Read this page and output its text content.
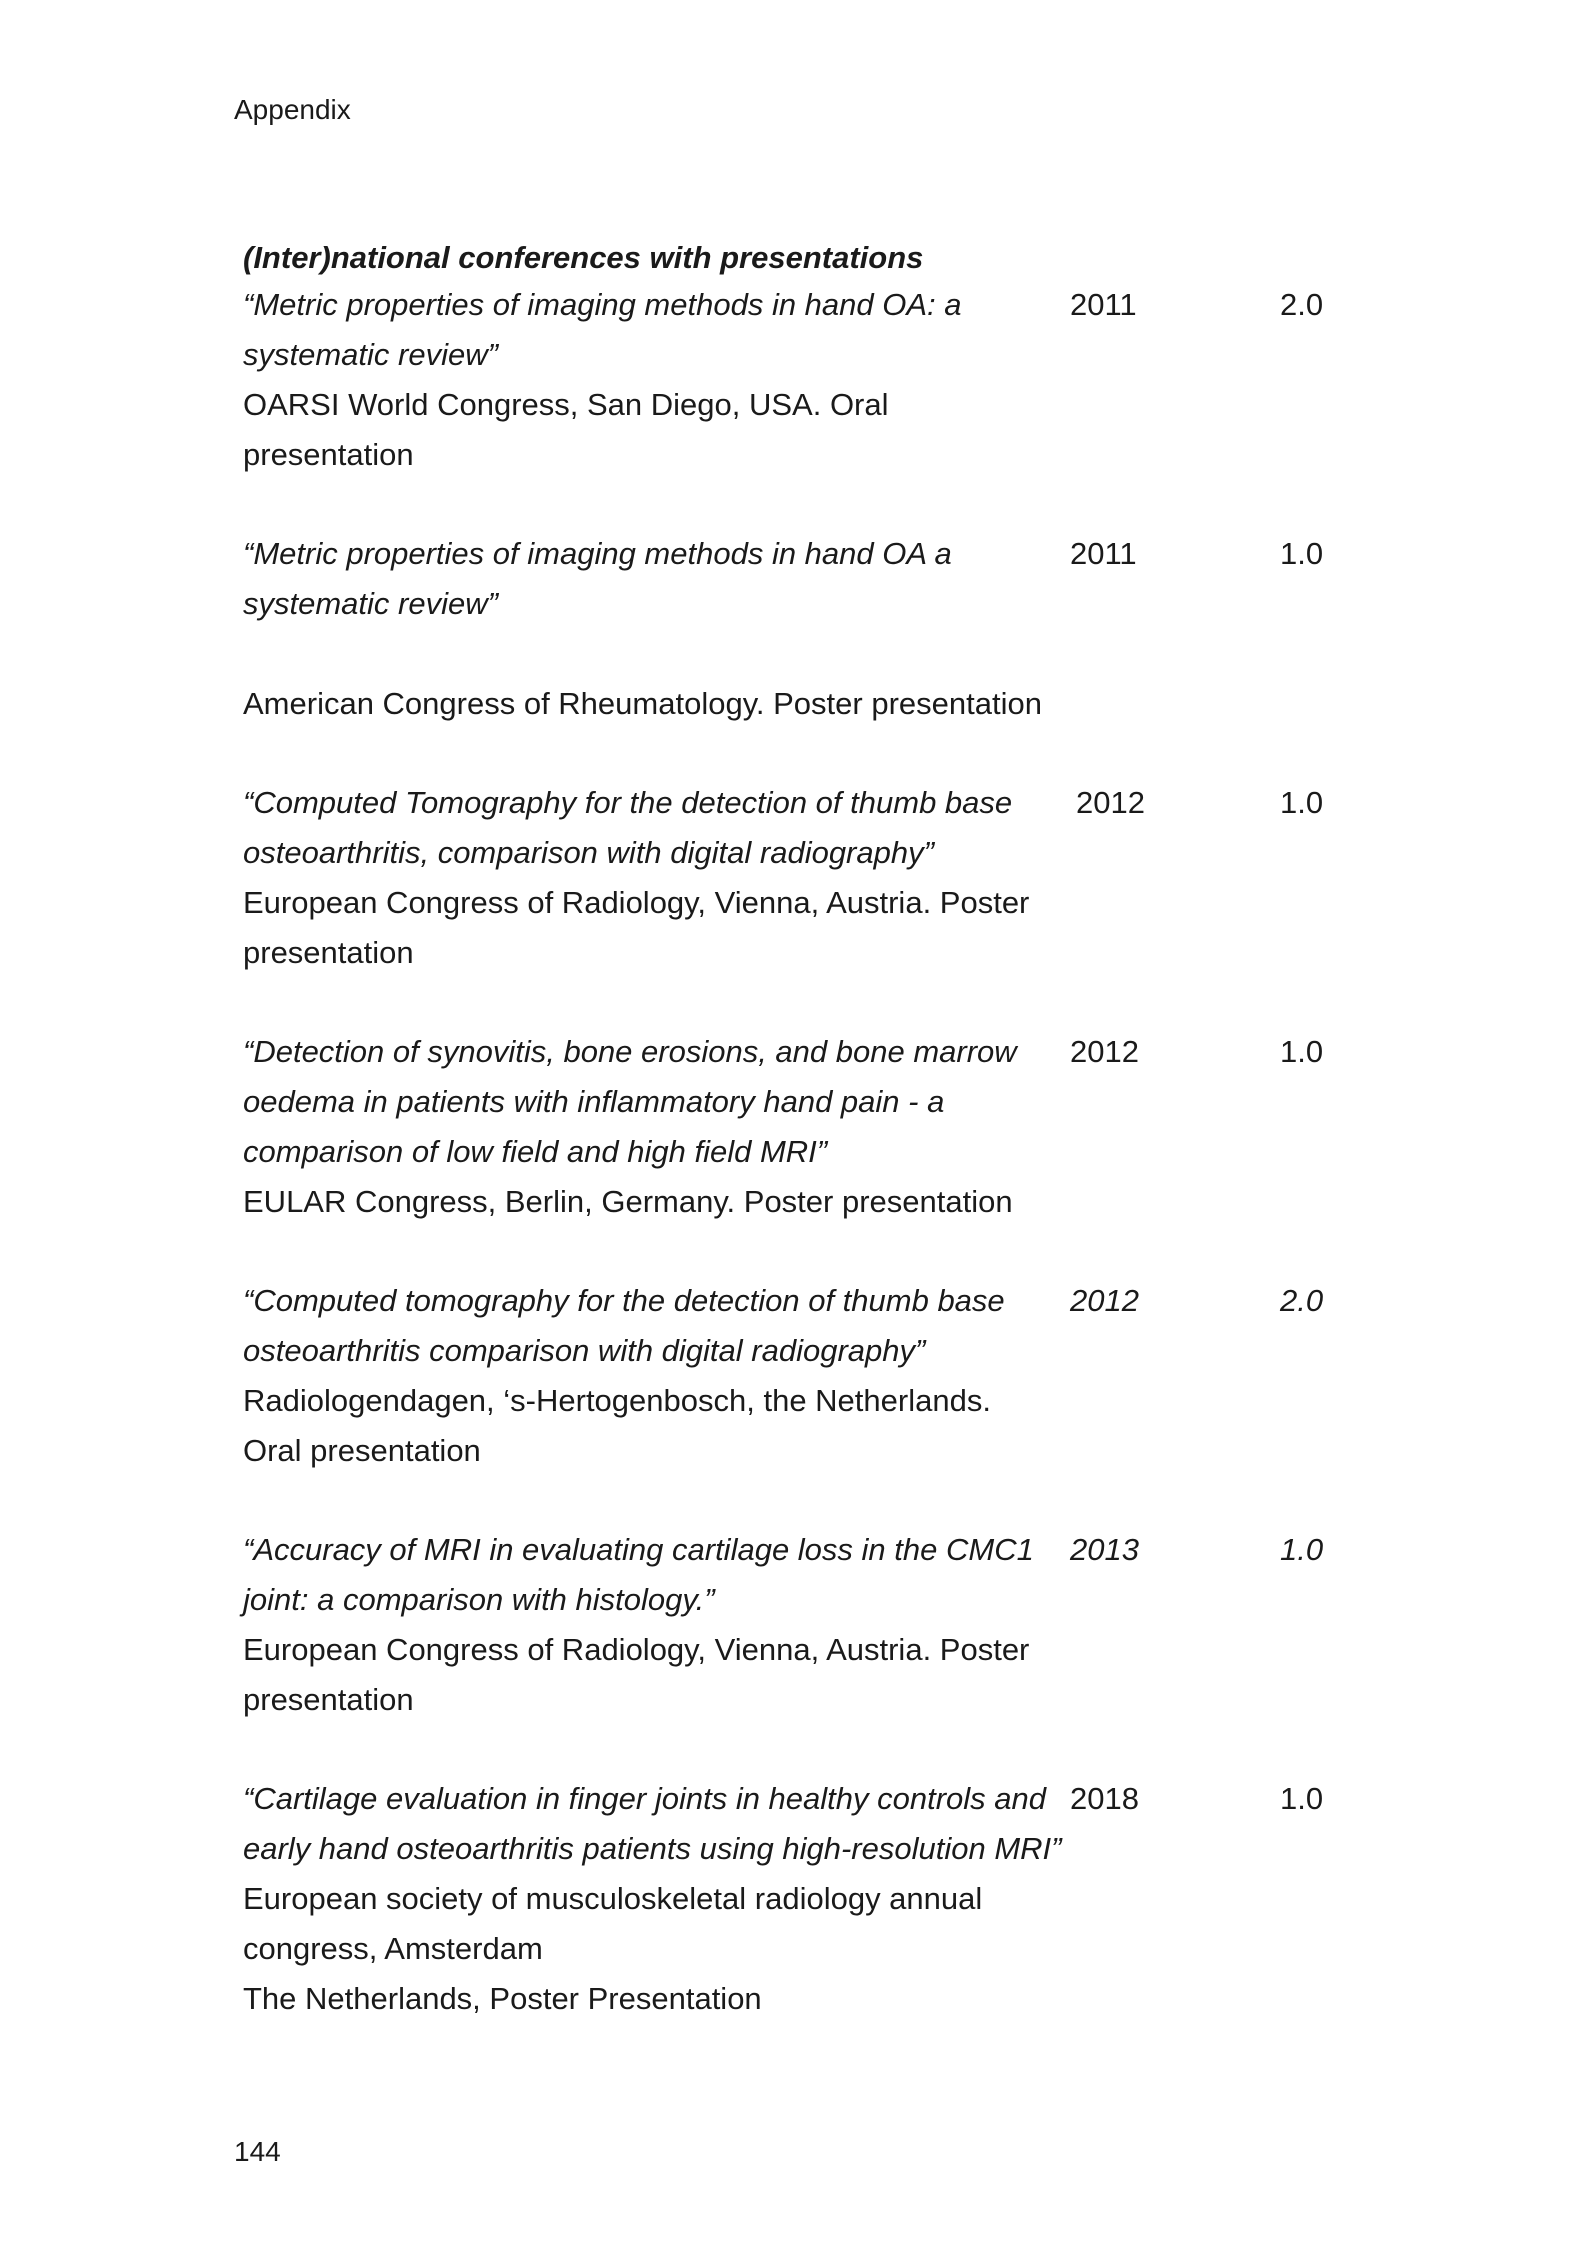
Appendix
(Inter)national conferences with presentations
“Metric properties of imaging methods in hand OA: a
systematic review”
OARSI World Congress, San Diego, USA. Oral presentation
2011	2.0
“Metric properties of imaging methods in hand OA a
systematic review”
American Congress of Rheumatology. Poster presentation
2011	1.0
“Computed Tomography for the detection of thumb base
osteoarthritis, comparison with digital radiography”
European Congress of Radiology, Vienna, Austria. Poster
presentation
2012	1.0
“Detection of synovitis, bone erosions, and bone marrow
oedema in patients with inflammatory hand pain - a
comparison of low field and high field MRI”
EULAR Congress, Berlin, Germany. Poster presentation
2012	1.0
“Computed tomography for the detection of thumb base
osteoarthritis comparison with digital radiography”
Radiologendagen, ‘s-Hertogenbosch, the Netherlands.
Oral presentation
2012	2.0
“Accuracy of MRI in evaluating cartilage loss in the CMC1
joint: a comparison with histology.”
European Congress of Radiology, Vienna, Austria. Poster
presentation
2013	1.0
“Cartilage evaluation in finger joints in healthy controls and
early hand osteoarthritis patients using high-resolution MRI”
European society of musculoskeletal radiology annual
congress, Amsterdam
The Netherlands, Poster Presentation
2018	1.0
144
